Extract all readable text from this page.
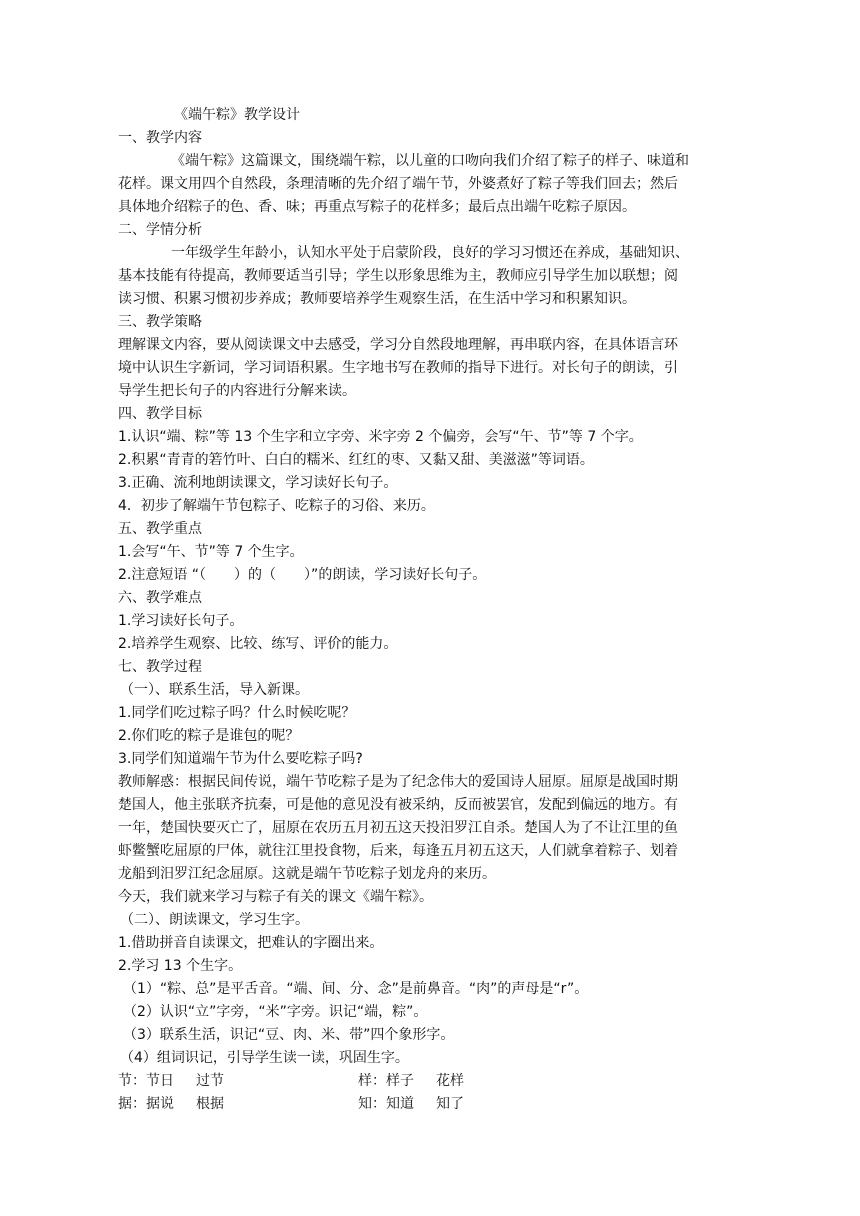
《端午粽》教学设计
一、教学内容
《端午粽》这篇课文，围绕端午粽，以儿童的口吻向我们介绍了粽子的样子、味道和
花样。课文用四个自然段，条理清晰的先介绍了端午节，外婆煮好了粽子等我们回去；然后
具体地介绍粽子的色、香、味；再重点写粽子的花样多；最后点出端午吃粽子原因。
二、学情分析
一年级学生年龄小，认知水平处于启蒙阶段，良好的学习习惯还在养成，基础知识、
基本技能有待提高，教师要适当引导；学生以形象思维为主，教师应引导学生加以联想；阅
读习惯、积累习惯初步养成；教师要培养学生观察生活，在生活中学习和积累知识。
三、教学策略
理解课文内容，要从阅读课文中去感受，学习分自然段地理解，再串联内容，在具体语言环
境中认识生字新词，学习词语积累。生字地书写在教师的指导下进行。对长句子的朗读，引
导学生把长句子的内容进行分解来读。
四、教学目标
1.认识“端、粽”等 13 个生字和立字旁、米字旁 2 个偏旁，会写“午、节”等 7 个字。
2.积累“青青的箬竹叶、白白的糯米、红红的枣、又黏又甜、美滋滋”等词语。
3.正确、流利地朗读课文，学习读好长句子。
4．初步了解端午节包粽子、吃粽子的习俗、来历。
五、教学重点
1.会写“午、节”等 7 个生字。
2.注意短语 “（　　）的（　　）”的朗读，学习读好长句子。
六、教学难点
1.学习读好长句子。
2.培养学生观察、比较、练写、评价的能力。
七、教学过程
（一）、联系生活，导入新课。
1.同学们吃过粽子吗？什么时候吃呢？
2.你们吃的粽子是谁包的呢？
3.同学们知道端午节为什么要吃粽子吗?
教师解惑：根据民间传说，端午节吃粽子是为了纪念伟大的爱国诗人屈原。屈原是战国时期
楚国人，他主张联齐抗秦，可是他的意见没有被采纳，反而被罢官，发配到偏远的地方。有
一年，楚国快要灭亡了，屈原在农历五月初五这天投汨罗江自杀。楚国人为了不让江里的鱼
虾鳖蟹吃屈原的尸体，就往江里投食物，后来，每逢五月初五这天，人们就拿着粽子、划着
龙船到汨罗江纪念屈原。这就是端午节吃粽子划龙舟的来历。
今天，我们就来学习与粽子有关的课文《端午粽》。
（二）、朗读课文，学习生字。
1.借助拼音自读课文，把难认的字圈出来。
2.学习 13 个生字。
（1）“粽、总”是平舌音。“端、间、分、念”是前鼻音。“肉”的声母是“r”。
（2）认识“立”字旁，“米”字旁。识记“端，粽”。
（3）联系生活，识记“豆、肉、米、带”四个象形字。
（4）组词识记，引导学生读一读，巩固生字。
节：节日 过节	样：样子 花样
据：据说 根据	知：知道 知了
